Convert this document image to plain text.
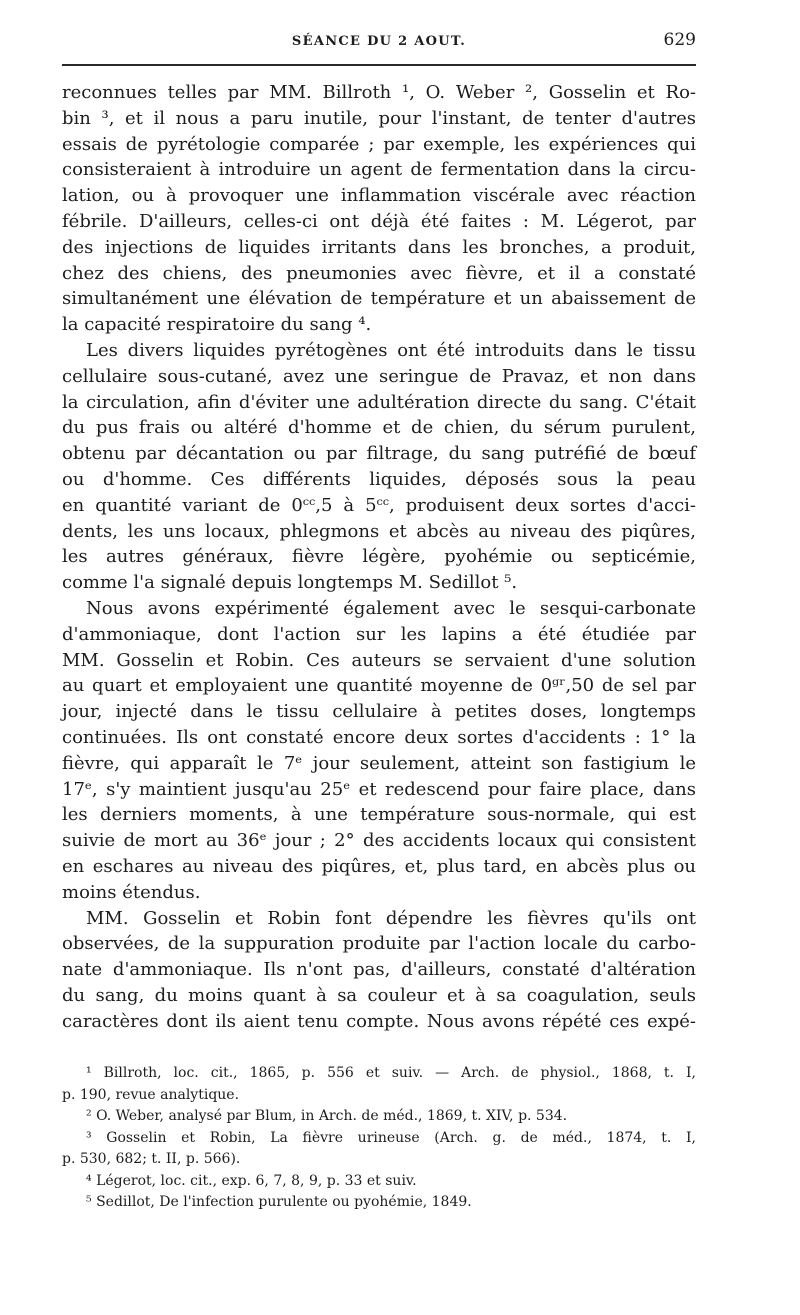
SÉANCE DU 2 AOUT.	629
reconnues telles par MM. Billroth ¹, O. Weber ², Gosselin et Ro-
bin ³, et il nous a paru inutile, pour l'instant, de tenter d'autres
essais de pyrétologie comparée ; par exemple, les expériences qui
consisteraient à introduire un agent de fermentation dans la circu-
lation, ou à provoquer une inflammation viscérale avec réaction
fébrile. D'ailleurs, celles-ci ont déjà été faites : M. Légerot, par
des injections de liquides irritants dans les bronches, a produit,
chez des chiens, des pneumonies avec fièvre, et il a constaté
simultanément une élévation de température et un abaissement de
la capacité respiratoire du sang ⁴.
Les divers liquides pyrétogènes ont été introduits dans le tissu
cellulaire sous-cutané, avez une seringue de Pravaz, et non dans
la circulation, afin d'éviter une adultération directe du sang. C'était
du pus frais ou altéré d'homme et de chien, du sérum purulent,
obtenu par décantation ou par filtrage, du sang putréfié de bœuf
ou d'homme. Ces différents liquides, déposés sous la peau
en quantité variant de 0ᶜᶜ,5 à 5ᶜᶜ, produisent deux sortes d'acci-
dents, les uns locaux, phlegmons et abcès au niveau des piqûres,
les autres généraux, fièvre légère, pyohémie ou septicémie,
comme l'a signalé depuis longtemps M. Sedillot ⁵.
Nous avons expérimenté également avec le sesqui-carbonate
d'ammoniaque, dont l'action sur les lapins a été étudiée par
MM. Gosselin et Robin. Ces auteurs se servaient d'une solution
au quart et employaient une quantité moyenne de 0ᵍʳ,50 de sel par
jour, injecté dans le tissu cellulaire à petites doses, longtemps
continuées. Ils ont constaté encore deux sortes d'accidents : 1° la
fièvre, qui apparaît le 7ᵉ jour seulement, atteint son fastigium le
17ᵉ, s'y maintient jusqu'au 25ᵉ et redescend pour faire place, dans
les derniers moments, à une température sous-normale, qui est
suivie de mort au 36ᵉ jour ; 2° des accidents locaux qui consistent
en eschares au niveau des piqûres, et, plus tard, en abcès plus ou
moins étendus.
MM. Gosselin et Robin font dépendre les fièvres qu'ils ont
observées, de la suppuration produite par l'action locale du carbo-
nate d'ammoniaque. Ils n'ont pas, d'ailleurs, constaté d'altération
du sang, du moins quant à sa couleur et à sa coagulation, seuls
caractères dont ils aient tenu compte. Nous avons répété ces expé-
¹ Billroth, loc. cit., 1865, p. 556 et suiv. — Arch. de physiol., 1868, t. I,
p. 190, revue analytique.
² O. Weber, analysé par Blum, in Arch. de méd., 1869, t. XIV, p. 534.
³ Gosselin et Robin, La fièvre urineuse (Arch. g. de méd., 1874, t. I,
p. 530, 682; t. II, p. 566).
⁴ Légerot, loc. cit., exp. 6, 7, 8, 9, p. 33 et suiv.
⁵ Sedillot, De l'infection purulente ou pyohémie, 1849.
